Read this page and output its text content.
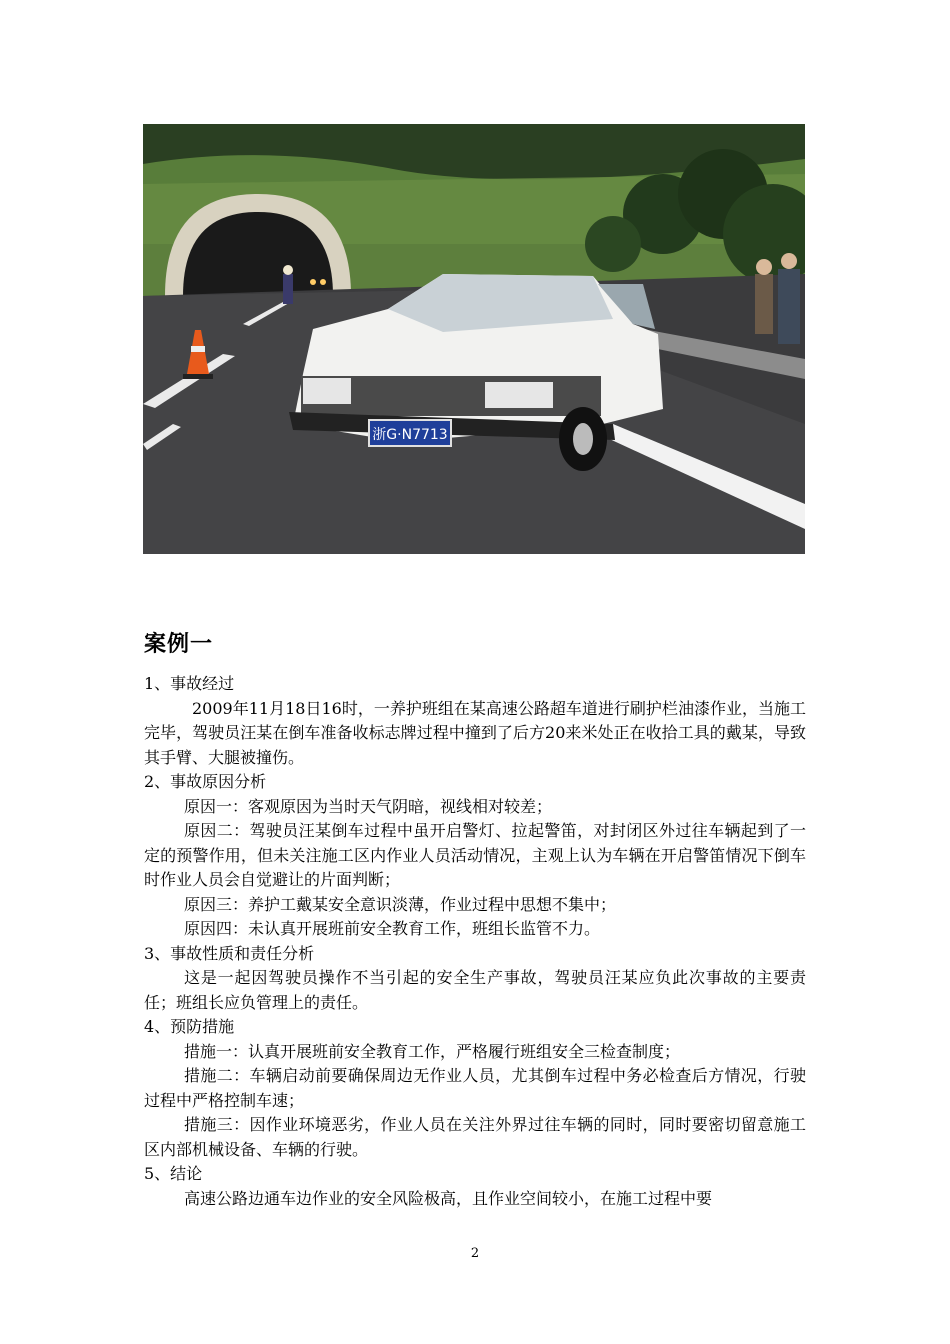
浙G·N7713
案例一

1、事故经过

2009年11月18日16时，一养护班组在某高速公路超车道进行刷护栏油漆作业，当施工完毕，驾驶员汪某在倒车准备收标志牌过程中撞到了后方20来米处正在收拾工具的戴某，导致其手臂、大腿被撞伤。

2、事故原因分析

原因一：客观原因为当时天气阴暗，视线相对较差；

原因二：驾驶员汪某倒车过程中虽开启警灯、拉起警笛，对封闭区外过往车辆起到了一定的预警作用，但未关注施工区内作业人员活动情况，主观上认为车辆在开启警笛情况下倒车时作业人员会自觉避让的片面判断；

原因三：养护工戴某安全意识淡薄，作业过程中思想不集中；

原因四：未认真开展班前安全教育工作，班组长监管不力。

3、事故性质和责任分析

这是一起因驾驶员操作不当引起的安全生产事故，驾驶员汪某应负此次事故的主要责任；班组长应负管理上的责任。

4、预防措施

措施一：认真开展班前安全教育工作，严格履行班组安全三检查制度；

措施二：车辆启动前要确保周边无作业人员，尤其倒车过程中务必检查后方情况，行驶过程中严格控制车速；

措施三：因作业环境恶劣，作业人员在关注外界过往车辆的同时，同时要密切留意施工区内部机械设备、车辆的行驶。

5、结论

高速公路边通车边作业的安全风险极高，且作业空间较小，在施工过程中要

2
